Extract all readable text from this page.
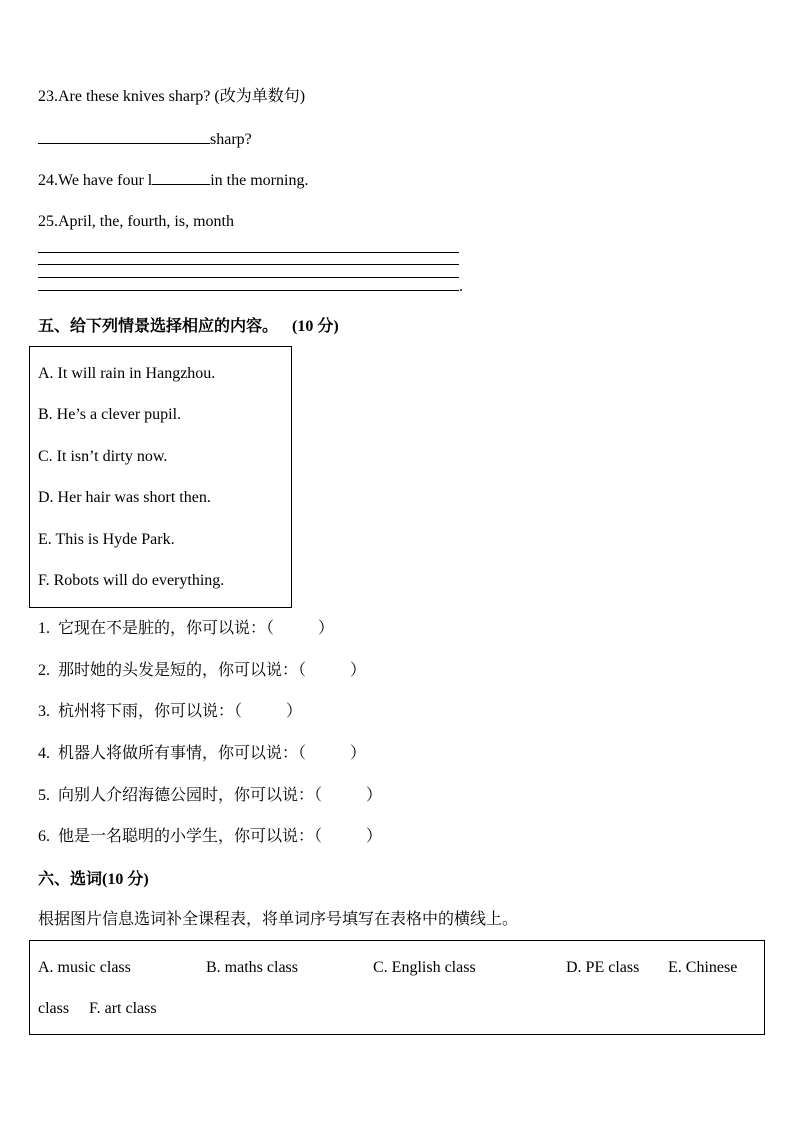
23.Are these knives sharp? (改为单数句)
sharp?
24.We have four l	in the morning.
25.April, the, fourth, is, month
.
五、给下列情景选择相应的内容。 (10 分)
A. It will rain in Hangzhou.
B. He’s a clever pupil.
C. It isn’t dirty now.
D. Her hair was short then.
E. This is Hyde Park.
F. Robots will do everything.
1. 它现在不是脏的，你可以说：（	）
2. 那时她的头发是短的，你可以说：（	）
3. 杭州将下雨，你可以说：（	）
4. 机器人将做所有事情，你可以说：（	）
5. 向别人介绍海德公园时，你可以说：（	）
6. 他是一名聪明的小学生，你可以说：（	）
六、选词(10 分)
根据图片信息选词补全课程表，将单词序号填写在表格中的横线上。
A. music class	B. maths class	C. English class	D. PE class E. Chinese
class F. art class
